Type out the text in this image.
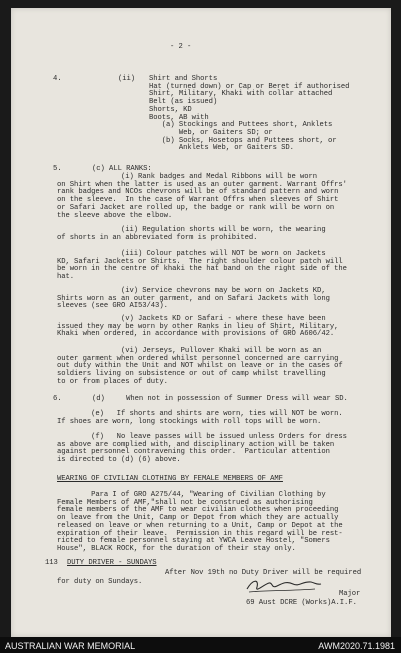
- 2 -
4.	(ii) Shirt and Shorts
Hat (turned down) or Cap or Beret if authorised
Shirt, Military, Khaki with collar attached
Belt (as issued)
Shorts, KD
Boots, AB with
(a) Stockings and Puttees short, Anklets
Web, or Gaiters SD; or
(b) Socks, Hosetops and Puttees short, or
Anklets Web, or Gaiters SD.
5.	(c) ALL RANKS:
(i) Rank badges and Medal Ribbons will be worn
on Shirt when the latter is used as an outer garment. Warrant Offrs'
rank badges and NCOs chevrons will be of standard pattern and worn
on the sleeve.  In the case of Warrant Offrs when sleeves of Shirt
or Safari Jacket are rolled up, the badge or rank will be worn on
the sleeve above the elbow.
(ii) Regulation shorts will be worn, the wearing
of shorts in an abbreviated form is prohibited.
(iii) Colour patches will NOT be worn on Jackets
KD, Safari Jackets or Shirts.  The right shoulder colour patch will
be worn in the centre of khaki the hat band on the right side of the
hat.
(iv) Service chevrons may be worn on Jackets KD,
Shirts worn as an outer garment, and on Safari Jackets with long
sleeves (see GRO AI53/43).
(v) Jackets KD or Safari - where these have been
issued they may be worn by other Ranks in lieu of Shirt, Military,
Khaki when ordered, in accordance with provisions of GRO A606/42.
(vi) Jerseys, Pullover Khaki will be worn as an
outer garment when ordered whilst personnel concerned are carrying
out duty within the Unit and NOT whilst on leave or in the cases of
soldiers living on subsistence or out of camp whilst travelling
to or from places of duty.
6.	(d)     When not in possession of Summer Dress will wear SD.
(e)   If shorts and shirts are worn, ties will NOT be worn.
If shoes are worn, long stockings with roll tops will be worn.
(f)   No leave passes will be issued unless Orders for dress
as above are complied with, and disciplinary action will be taken
against personnel contravening this order.  Particular attention
is directed to (d) (6) above.
WEARING OF CIVILIAN CLOTHING BY FEMALE MEMBERS OF AMF
Para I of GRO A275/44, "Wearing of Civilian Clothing by
Female Members of AMF,"shall not be construed as authorising
female members of the AMF to wear civilian clothes when proceeding
on leave from the Unit, Camp or Depot from which they are actually
released on leave or when returning to a Unit, Camp or Depot at the
expiration of their leave.  Permission in this regard will be rest-
ricted to female personnel staying at YWCA Leave Hostel, "Somers
House", BLACK ROCK, for the duration of their stay only.
113 DUTY DRIVER - SUNDAYS
After Nov 19th no Duty Driver will be required
for duty on Sundays.
Major
69 Aust DCRE (Works)A.I.F.
AUSTRALIAN WAR MEMORIAL	AWM2020.71.1981
